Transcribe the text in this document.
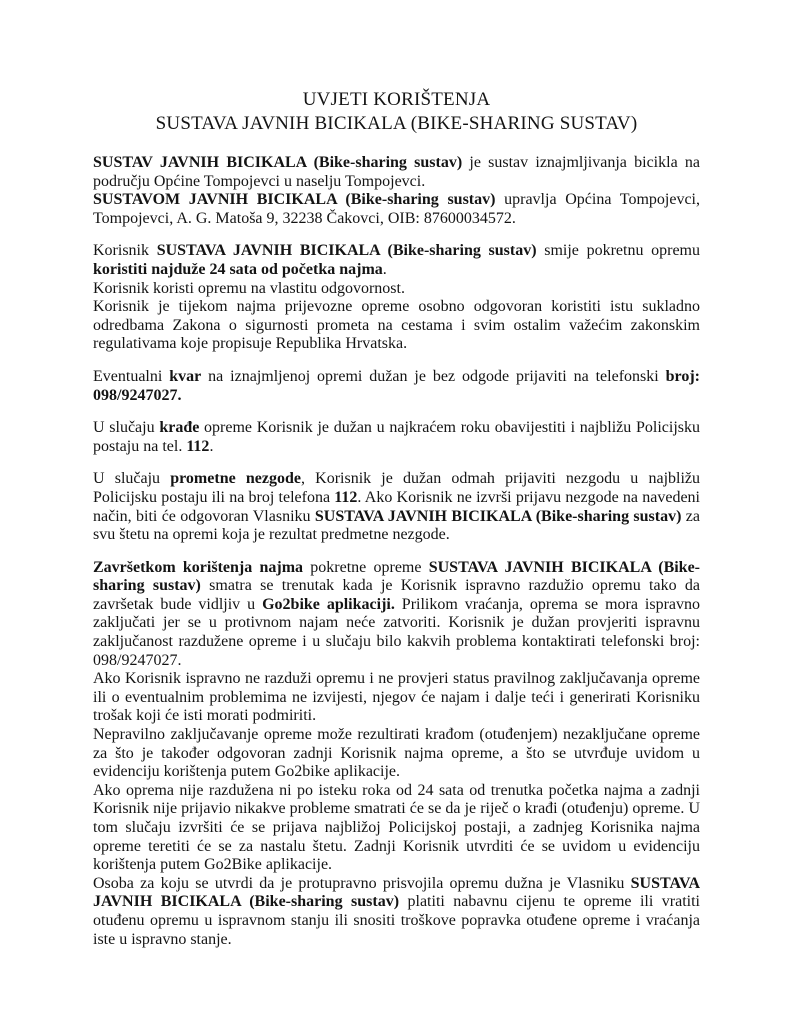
UVJETI KORIŠTENJA
SUSTAVA JAVNIH BICIKALA (BIKE-SHARING SUSTAV)

SUSTAV JAVNIH BICIKALA (Bike-sharing sustav) je sustav iznajmljivanja bicikla na području Općine Tompojevci u naselju Tompojevci.

SUSTAVOM JAVNIH BICIKALA (Bike-sharing sustav) upravlja Općina Tompojevci, Tompojevci, A. G. Matoša 9, 32238 Čakovci, OIB: 87600034572.

Korisnik SUSTAVA JAVNIH BICIKALA (Bike-sharing sustav) smije pokretnu opremu koristiti najduže 24 sata od početka najma.

Korisnik koristi opremu na vlastitu odgovornost.

Korisnik je tijekom najma prijevozne opreme osobno odgovoran koristiti istu sukladno odredbama Zakona o sigurnosti prometa na cestama i svim ostalim važećim zakonskim regulativama koje propisuje Republika Hrvatska.

Eventualni kvar na iznajmljenoj opremi dužan je bez odgode prijaviti na telefonski broj: 098/9247027.

U slučaju krađe opreme Korisnik je dužan u najkraćem roku obavijestiti i najbližu Policijsku postaju na tel. 112.

U slučaju prometne nezgode, Korisnik je dužan odmah prijaviti nezgodu u najbližu Policijsku postaju ili na broj telefona 112. Ako Korisnik ne izvrši prijavu nezgode na navedeni način, biti će odgovoran Vlasniku SUSTAVA JAVNIH BICIKALA (Bike-sharing sustav) za svu štetu na opremi koja je rezultat predmetne nezgode.

Završetkom korištenja najma pokretne opreme SUSTAVA JAVNIH BICIKALA (Bike-sharing sustav) smatra se trenutak kada je Korisnik ispravno razdužio opremu tako da završetak bude vidljiv u Go2bike aplikaciji. Prilikom vraćanja, oprema se mora ispravno zaključati jer se u protivnom najam neće zatvoriti. Korisnik je dužan provjeriti ispravnu zaključanost razdužene opreme i u slučaju bilo kakvih problema kontaktirati telefonski broj: 098/9247027.

Ako Korisnik ispravno ne razduži opremu i ne provjeri status pravilnog zaključavanja opreme ili o eventualnim problemima ne izvijesti, njegov će najam i dalje teći i generirati Korisniku trošak koji će isti morati podmiriti.

Nepravilno zaključavanje opreme može rezultirati krađom (otuđenjem) nezaključane opreme za što je također odgovoran zadnji Korisnik najma opreme, a što se utvrđuje uvidom u evidenciju korištenja putem Go2bike aplikacije.

Ako oprema nije razdužena ni po isteku roka od 24 sata od trenutka početka najma a zadnji Korisnik nije prijavio nikakve probleme smatrati će se da je riječ o krađi (otuđenju) opreme. U tom slučaju izvršiti će se prijava najbližoj Policijskoj postaji, a zadnjeg Korisnika najma opreme teretiti će se za nastalu štetu. Zadnji Korisnik utvrditi će se uvidom u evidenciju korištenja putem Go2Bike aplikacije.

Osoba za koju se utvrdi da je protupravno prisvojila opremu dužna je Vlasniku SUSTAVA JAVNIH BICIKALA (Bike-sharing sustav) platiti nabavnu cijenu te opreme ili vratiti otuđenu opremu u ispravnom stanju ili snositi troškove popravka otuđene opreme i vraćanja iste u ispravno stanje.
